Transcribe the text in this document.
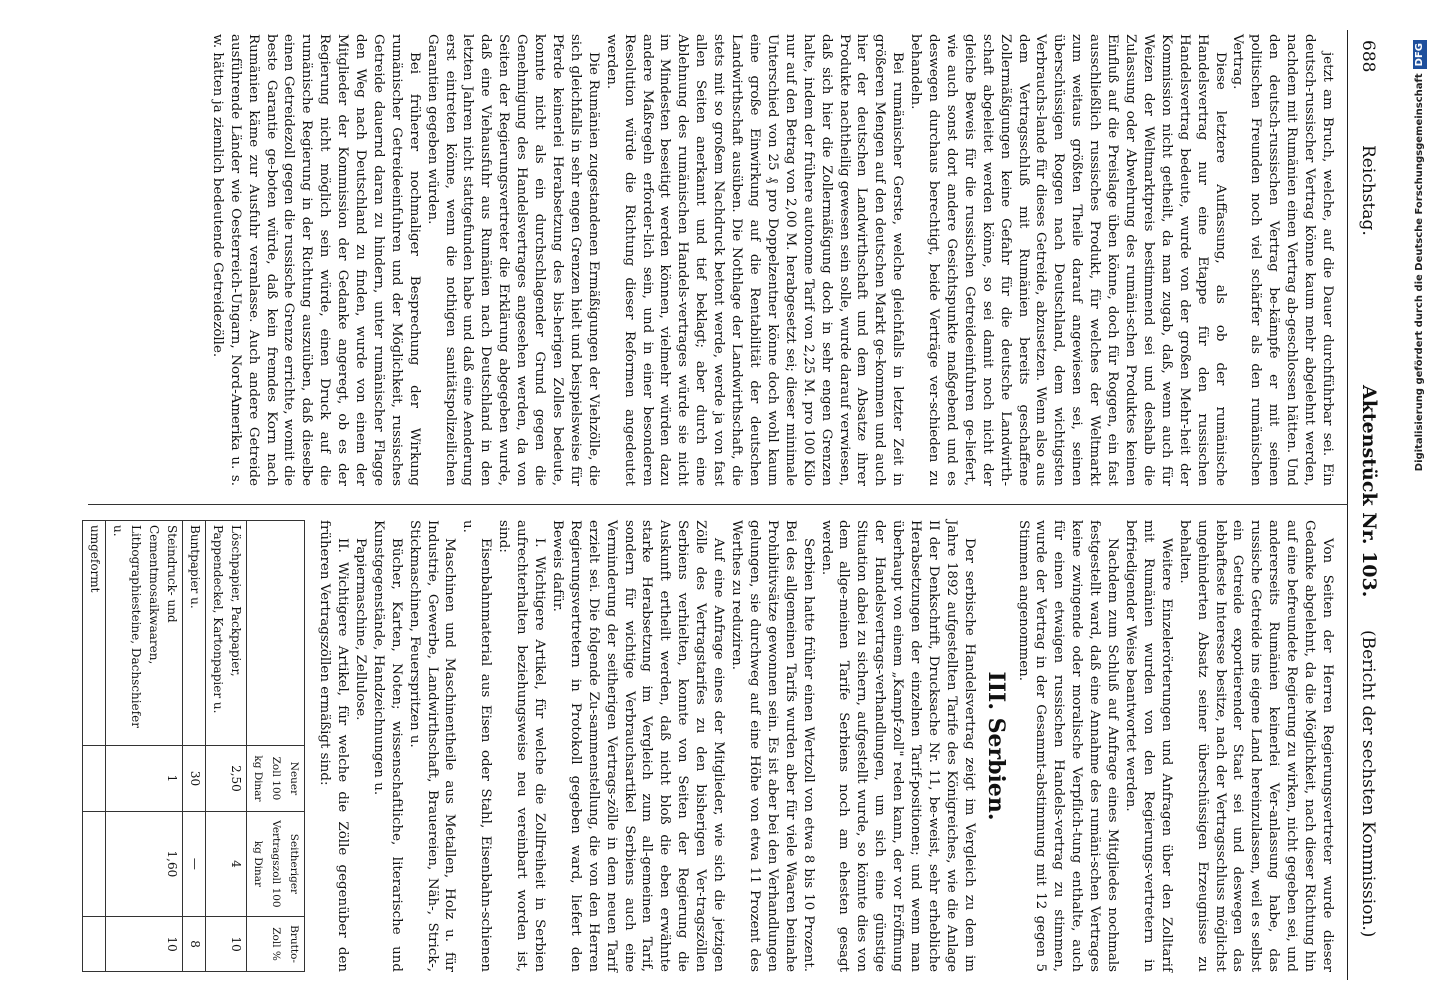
688
Reichstag.
Aktenstück Nr. 103.
(Bericht der sechsten Kommission.)

jetzt am Bruch, welche, auf die Dauer durchführbar sei. Ein deutsch-russischer Vertrag könne kaum mehr abgelehnt werden, nachdem mit Rumänien einen Vertrag ab-geschlossen hätten. Und den deutsch-russischen Vertrag be-kämpfe er mit seinen politischen Freunden noch viel schärfer als den rumänischen Vertrag.

Diese letztere Auffassung, als ob der rumänische Handelsvertrag nur eine Etappe für den russischen Handelsvertrag bedeute, wurde von der großen Mehr-heit der Kommission nicht getheilt, da man zugab, daß, wenn auch für Weizen der Weltmarktpreis bestimmend sei und deshalb die Zulassung oder Abwehrung des rumäni-schen Produktes keinen Einfluß auf die Preislage üben könne, doch für Roggen, ein fast ausschließlich russisches Produkt, für welches der Weltmarkt zum weitaus größten Theile darauf angewiesen sei, seinen überschüssigen Roggen nach Deutschland, dem wichtigsten Verbrauchs-lande für dieses Getreide, abzusetzen. Wenn also aus dem Vertragsschluß mit Rumänien bereits geschaffene Zollermäßigungen keine Gefahr für die deutsche Landwirth-schaft abgeleitet werden könne, so sei damit noch nicht der gleiche Beweis für die russischen Getreideeinfuhren ge-liefert, wie auch sonst dort andere Gesichtspunkte maßgebend und es deswegen durchaus berechtigt, beide Verträge ver-schieden zu behandeln.

Bei rumänischer Gerste, welche gleichfalls in letzter Zeit in größeren Mengen auf den deutschen Markt ge-kommen und auch hier der deutschen Landwirthschaft und dem Absatze ihrer Produkte nachtheilig gewesen sein solle, wurde darauf verwiesen, daß sich hier die Zollermäßigung doch in sehr engen Grenzen halte, indem der frühere autonome Tarif von 2,25 M. pro 100 Kilo nur auf den Betrag von 2,00 M. herabgesetzt sei; dieser minimale Unterschied von 25 ₰ pro Doppelzentner könne doch wohl kaum eine große Einwirkung auf die Rentabilität der deutschen Landwirthschaft ausüben. Die Nothlage der Landwirthschaft, die stets mit so großem Nachdruck betont werde, werde ja von fast allen Seiten anerkannt und tief beklagt; aber durch eine Ablehnung des rumänischen Handels-vertrages würde sie nicht im Mindesten beseitigt werden können, vielmehr würden dazu andere Maßregeln erforder-lich sein, und in einer besonderen Resolution würde die Richtung dieser Reformen angedeutet werden.

Die Rumänien zugestandenen Ermäßigungen der Viehzölle, die sich gleichfalls in sehr engen Grenzen hielt und beispielsweise für Pferde keinerlei Herabsetzung des bis-herigen Zolles bedeute, konnte nicht als ein durchschlagender Grund gegen die Genehmigung des Handelsvertrages angesehen werden, da von Seiten der Regierungsvertreter die Erklärung abgegeben wurde, daß eine Viehausfuhr aus Rumänien nach Deutschland in den letzten Jahren nicht stattgefunden habe und daß eine Aenderung erst eintreten könne, wenn die nothigen sanitätspolizeilichen Garantien gegeben würden.

Bei früherer nochmaliger Besprechung der Wirkung rumänischer Getreideeinfuhren und der Möglichkeit, russisches Getreide dauernd daran zu hindern, unter rumänischer Flagge den Weg nach Deutschland zu finden, wurde von einem der Mitglieder der Kommission der Gedanke angeregt, ob es der Regierung nicht möglich sein würde, einen Druck auf die rumänische Regierung in der Richtung auszuüben, daß dieselbe einen Getreidezoll gegen die russische Grenze errichte, womit die beste Garantie ge-boten würde, daß kein fremdes Korn nach Rumänien käme zur Ausfuhr veranlasse. Auch andere Getreide ausführende Länder wie Oesterreich-Ungarn, Nord-Amerika u. s. w. hätten ja ziemlich bedeutende Getreidezölle.

Von Seiten der Herren Regierungsvertreter wurde dieser Gedanke abgelehnt, da die Möglichkeit, nach dieser Richtung hin auf eine befreundete Regierung zu wirken, nicht gegeben sei, und andererseits Rumänien keinerlei Ver-anlassung habe, das russische Getreide ins eigene Land hereinzulassen, weil es selbst ein Getreide exportierender Staat sei und deswegen das lebhafteste Interesse besitze, nach der Vertragsschluss möglichst ungehinderten Absatz seiner überschüssigen Erzeugnisse zu behalten.

Weitere Einzelerörterungen und Anfragen über den Zolltarif mit Rumänien wurden von den Regierungs-vertretern in befriedigender Weise beantwortet werden.

Nachdem zum Schluß auf Anfrage eines Mitgliedes nochmals festgestellt ward, daß eine Annahme des rumäni-schen Vertrages keine zwingende oder moralische Verpflich-tung enthalte, auch für einen etwaigen russischen Handels-vertrag zu stimmen, wurde der Vertrag in der Gesammt-abstimmung mit 12 gegen 5 Stimmen angenommen.

III. Serbien.

Der serbische Handelsvertrag zeigt im Vergleich zu dem im Jahre 1892 aufgestellten Tarife des Königreiches, wie die Anlage II der Denkschrift, Drucksache Nr. 11, be-weist, sehr erhebliche Herabsetzungen der einzelnen Tarif-positionen; und wenn man überhaupt von einem „Kampf-zoll" reden kann, der vor Eröffnung der Handelsvertrags-verhandlungen, um sich eine günstige Situation dabei zu sichern, aufgestellt wurde, so könnte dies von dem allge-meinen Tarife Serbiens noch am ehesten gesagt werden.

Serbien hatte früher einen Wertzoll von etwa 8 bis 10 Prozent. Bei des allgemeinen Tarifs wurden aber für viele Waaren beinahe Prohibitivsätze gewonnen sein. Es ist aber bei den Verhandlungen gelungen, sie durchweg auf eine Höhe von etwa 11 Prozent des Werthes zu reduziren.

Auf eine Anfrage eines der Mitglieder, wie sich die jetzigen Zölle des Vertragstarifes zu den bisherigen Ver-tragszöllen Serbiens verhielten, konnte von Seiten der Regierung die Auskunft ertheilt werden, daß nicht bloß die eben erwähnte starke Herabsetzung im Vergleich zum all-gemeinen Tarif, sondern für wichtige Verbrauchsartikel Serbiens auch eine Verminderung der seitherigen Vertrags-zölle in dem neuen Tarif erzielt sei. Die folgende Zu-sammenstellung, die von den Herren Regierungsvertretern in Protokoll gegeben ward, liefert den Beweis dafür.

I. Wichtigere Artikel, für welche die Zollfreiheit in Serbien aufrechterhalten beziehungsweise neu vereinbart worden ist, sind:

Eisenbahnmaterial aus Eisen oder Stahl, Eisenbahn-schienen u.

Maschinen und Maschinentheile aus Metallen, Holz u. für Industrie, Gewerbe, Landwirthschaft, Brauereien, Näh-, Strick-, Stickmaschinen, Feuerspritzen u.

Bücher, Karten, Noten; wissenschaftliche, literarische und Kunstgegenstände, Handzeichnungen u.

Papiermaschine, Zellulose.

II. Wichtigere Artikel, für welche die Zölle gegenüber den früheren Vertragszöllen ermäßigt sind:

	Neuer Zoll 100 kg Dinar	Seitheriger Vertragszoll 100 kg Dinar	Brutto-Zoll %
Löschpapier, Packpapier, Pappendeckel, Kartonpapier u.	2,50	4	10
Buntpapier u.	30	—	8
Steindruck- und Cementmosaikwaaren, Lithographiesteine, Dachschiefer u.	1	1,60	10
umgeformt			
Digitalisierung gefördert durch die Deutsche ForschungsgemeinschaftDFG
